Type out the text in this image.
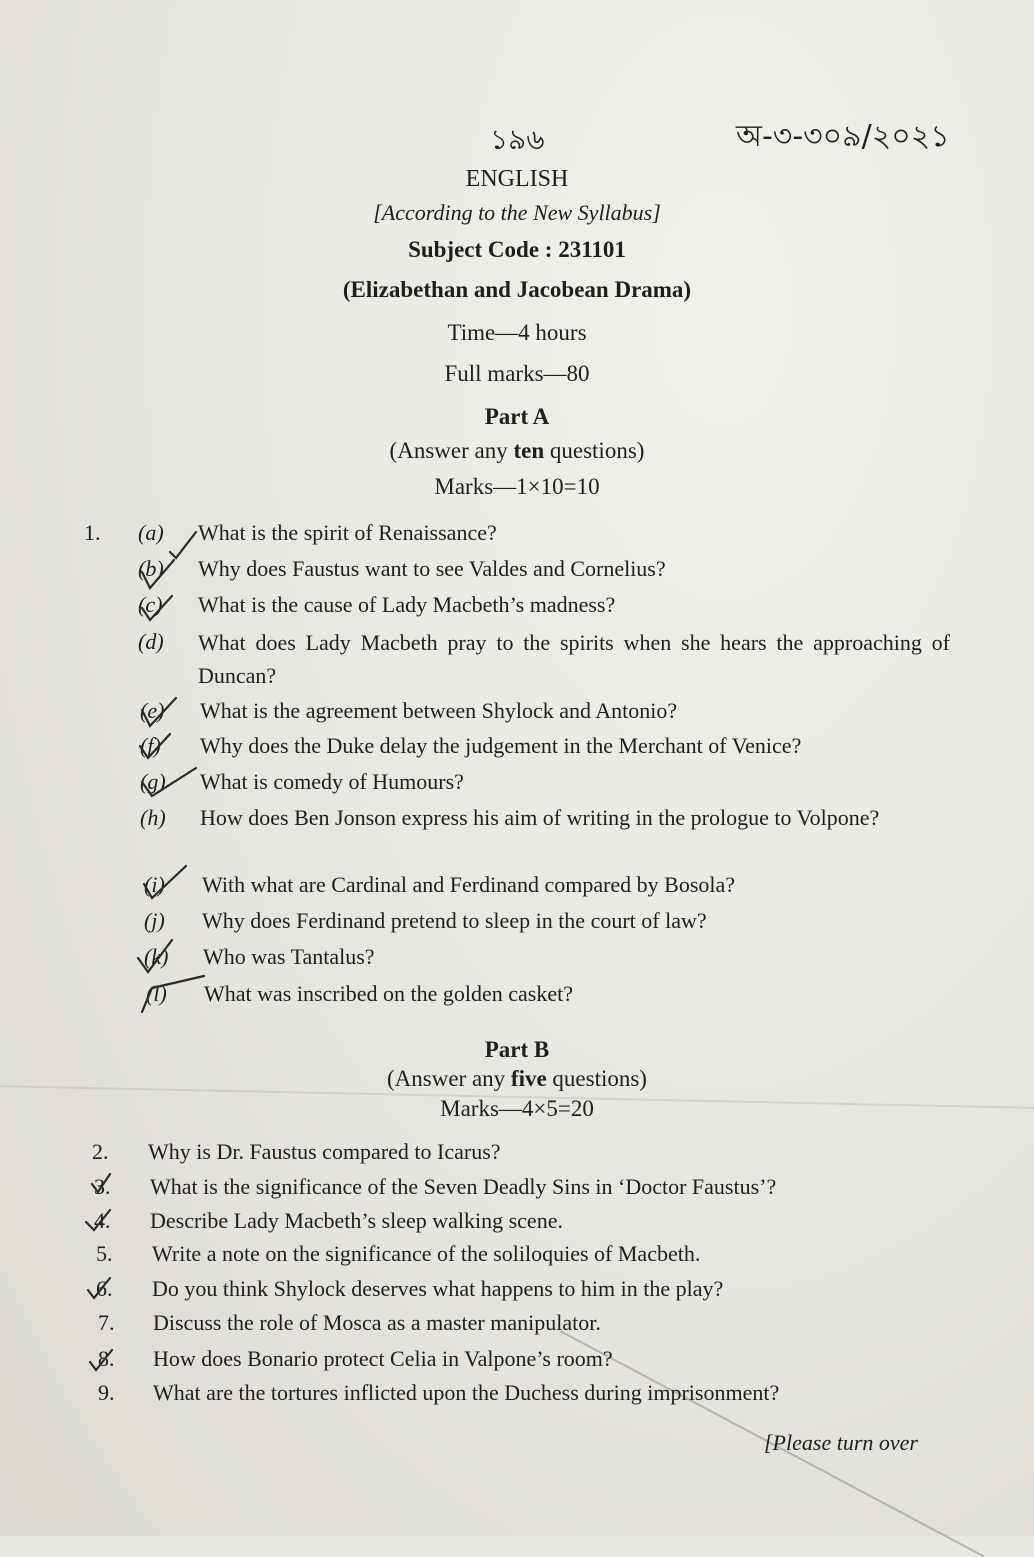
১৯৬	অ-৩-৩০৯/২০২১
ENGLISH
[According to the New Syllabus]
Subject Code : 231101
(Elizabethan and Jacobean Drama)
Time—4 hours
Full marks—80
Part A
(Answer any ten questions)
Marks—1×10=10
1. (a) What is the spirit of Renaissance?
(b) Why does Faustus want to see Valdes and Cornelius?
(c) What is the cause of Lady Macbeth’s madness?
(d) What does Lady Macbeth pray to the spirits when she hears the approaching of Duncan?
(e) What is the agreement between Shylock and Antonio?
(f) Why does the Duke delay the judgement in the Merchant of Venice?
(g) What is comedy of Humours?
(h) How does Ben Jonson express his aim of writing in the prologue to Volpone?
(i) With what are Cardinal and Ferdinand compared by Bosola?
(j) Why does Ferdinand pretend to sleep in the court of law?
(k) Who was Tantalus?
(l) What was inscribed on the golden casket?
Part B
(Answer any five questions)
Marks—4×5=20
2. Why is Dr. Faustus compared to Icarus?
3. What is the significance of the Seven Deadly Sins in ‘Doctor Faustus’?
4. Describe Lady Macbeth’s sleep walking scene.
5. Write a note on the significance of the soliloquies of Macbeth.
6. Do you think Shylock deserves what happens to him in the play?
7. Discuss the role of Mosca as a master manipulator.
8. How does Bonario protect Celia in Valpone’s room?
9. What are the tortures inflicted upon the Duchess during imprisonment?
[Please turn over
